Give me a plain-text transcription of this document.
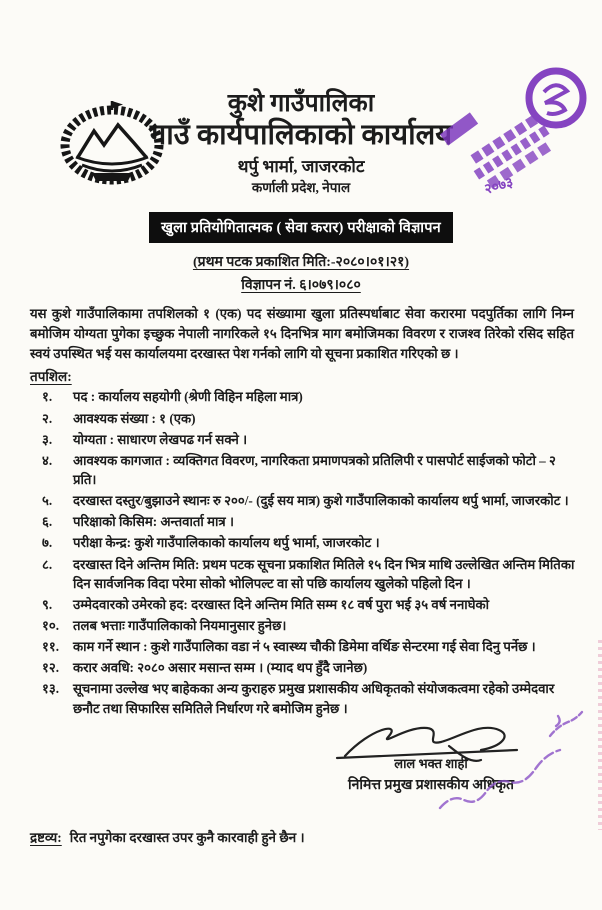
कुशे गाउँपालिका
गाउँ कार्यपालिकाको कार्यालय
थर्पु भार्मा, जाजरकोट
कर्णाली प्रदेश, नेपाल	२०७३
खुला प्रतियोगितात्मक ( सेवा करार) परीक्षाको विज्ञापन
(प्रथम पटक प्रकाशित मिति:-२०८०।०१।२१)
विज्ञापन नं. ६।०७९।०८०

यस कुशे गाउँपालिकामा तपशिलको १ (एक) पद संख्यामा खुला प्रतिस्पर्धाबाट सेवा करारमा पदपुर्तिका लागि निम्न बमोजिम योग्यता पुगेका इच्छुक नेपाली नागरिकले १५ दिनभित्र माग बमोजिमका विवरण र राजश्व तिरेको रसिद सहित स्वयं उपस्थित भई यस कार्यालयमा दरखास्त पेश गर्नको लागि यो सूचना प्रकाशित गरिएको छ ।

तपशिल:
१.	पद : कार्यालय सहयोगी (श्रेणी विहिन महिला मात्र)
२.	आवश्यक संख्या : १ (एक)
३.	योग्यता : साधारण लेखपढ गर्न सक्ने ।
४.	आवश्यक कागजात : व्यक्तिगत विवरण, नागरिकता प्रमाणपत्रको प्रतिलिपी र पासपोर्ट साईजको फोटो – २ प्रति।
५.	दरखास्त दस्तुर/बुझाउने स्थानः रु २००/- (दुई सय मात्र) कुशे गाउँपालिकाको कार्यालय थर्पु भार्मा, जाजरकोट ।
६.	परिक्षाको किसिम: अन्तवार्ता मात्र ।
७.	परीक्षा केन्द्र: कुशे गाउँपालिकाको कार्यालय थर्पु भार्मा, जाजरकोट ।
८.	दरखास्त दिने अन्तिम मिति: प्रथम पटक सूचना प्रकाशित मितिले १५ दिन भित्र माथि उल्लेखित अन्तिम मितिका दिन सार्वजनिक विदा परेमा सोको भोलिपल्ट वा सो पछि कार्यालय खुलेको पहिलो दिन ।
९.	उम्मेदवारको उमेरको हद: दरखास्त दिने अन्तिम मिति सम्म १८ वर्ष पुरा भई ३५ वर्ष ननाघेको
१०.	तलब भत्ताः गाउँपालिकाको नियमानुसार हुनेछ।
११.	काम गर्ने स्थान : कुशे गाउँपालिका वडा नं ५ स्वास्थ्य चौकी डिमेमा वर्थिङ सेन्टरमा गई सेवा दिनु पर्नेछ ।
१२.	करार अवधि: २०८० असार मसान्त सम्म । (म्याद थप हुँदै जानेछ)
१३.	सूचनामा उल्लेख भए बाहेकका अन्य कुराहरु प्रमुख प्रशासकीय अधिकृतको संयोजकत्वमा रहेको उम्मेदवार छनौट तथा सिफारिस समितिले निर्धारण गरे बमोजिम हुनेछ ।
लाल भक्त शाही
निमित्त प्रमुख प्रशासकीय अधिकृत
द्रष्टव्य: रित नपुगेका दरखास्त उपर कुनै कारवाही हुने छैन ।
